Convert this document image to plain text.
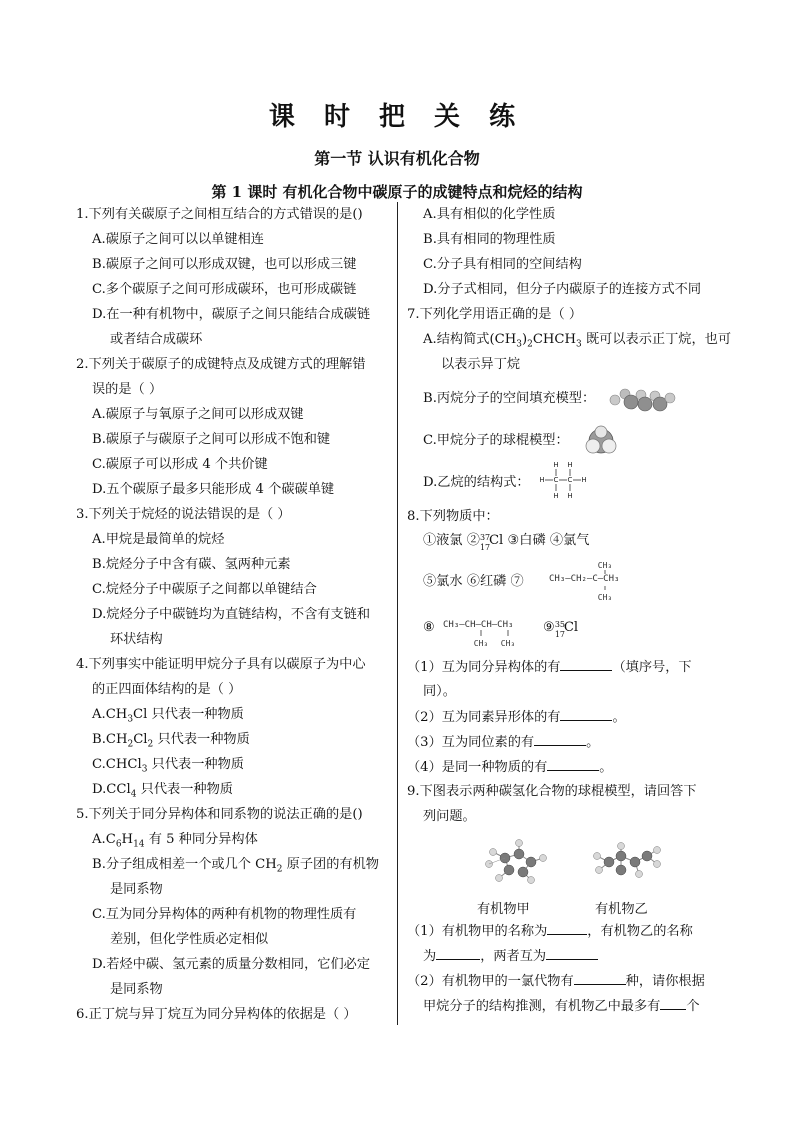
课 时 把 关 练
第一节 认识有机化合物
第 1 课时 有机化合物中碳原子的成键特点和烷烃的结构
1.下列有关碳原子之间相互结合的方式错误的是()
A.碳原子之间可以以单键相连
B.碳原子之间可以形成双键，也可以形成三键
C.多个碳原子之间可形成碳环，也可形成碳链
D.在一种有机物中，碳原子之间只能结合成碳链
或者结合成碳环
2.下列关于碳原子的成键特点及成键方式的理解错
误的是（ ）
A.碳原子与氧原子之间可以形成双键
B.碳原子与碳原子之间可以形成不饱和键
C.碳原子可以形成 4 个共价键
D.五个碳原子最多只能形成 4 个碳碳单键
3.下列关于烷烃的说法错误的是（ ）
A.甲烷是最简单的烷烃
B.烷烃分子中含有碳、氢两种元素
C.烷烃分子中碳原子之间都以单键结合
D.烷烃分子中碳链均为直链结构，不含有支链和
环状结构
4.下列事实中能证明甲烷分子具有以碳原子为中心
的正四面体结构的是（ ）
$A.CH_3Cl$ 只代表一种物质
$B.CH_2Cl_2$ 只代表一种物质
C.CHCl$_3$ 只代表一种物质
D.CCl$_4$ 只代表一种物质
5.下列关于同分异构体和同系物的说法正确的是()
$A.C_6H_{14}$ 有 5 种同分异构体
B.分子组成相差一个或几个 $CH_2$ 原子团的有机物
是同系物
C.互为同分异构体的两种有机物的物理性质有
差别，但化学性质必定相似
D.若烃中碳、氢元素的质量分数相同，它们必定
是同系物
6.正丁烷与异丁烷互为同分异构体的依据是（ ）
A.具有相似的化学性质
B.具有相同的物理性质
C.分子具有相同的空间结构
D.分子式相同，但分子内碳原子的连接方式不同
7.下列化学用语正确的是（ ）
A.结构简式$(CH_3)_2CHCH_3$ 既可以表示正丁烷，也可
以表示异丁烷
B.丙烷分子的空间填充模型：
C.甲烷分子的球棍模型：
D.乙烷的结构式： H C C H
H H
H H
8.下列物质中：
①液氯 ② 37
17
Cl ③白磷 ④氯气
⑤氯水 ⑥红磷 ⑦	CH₃—CH₂—C—CH₃
CH₃
CH₃
⑧ CH₃—CH—CH—CH₃
CH₃ CH₃
⑨ 35
17
Cl
（1）互为同分异构体的有	（填序号，下
同）。
（2）互为同素异形体的有	。
（3）互为同位素的有	。
（4）是同一种物质的有	。
9.下图表示两种碳氢化合物的球棍模型，请回答下
列问题。
有机物甲	有机物乙
（1）有机物甲的名称为	，有机物乙的名称
为	，两者互为
（2）有机物甲的一氯代物有	种，请你根据
甲烷分子的结构推测，有机物乙中最多有 个
